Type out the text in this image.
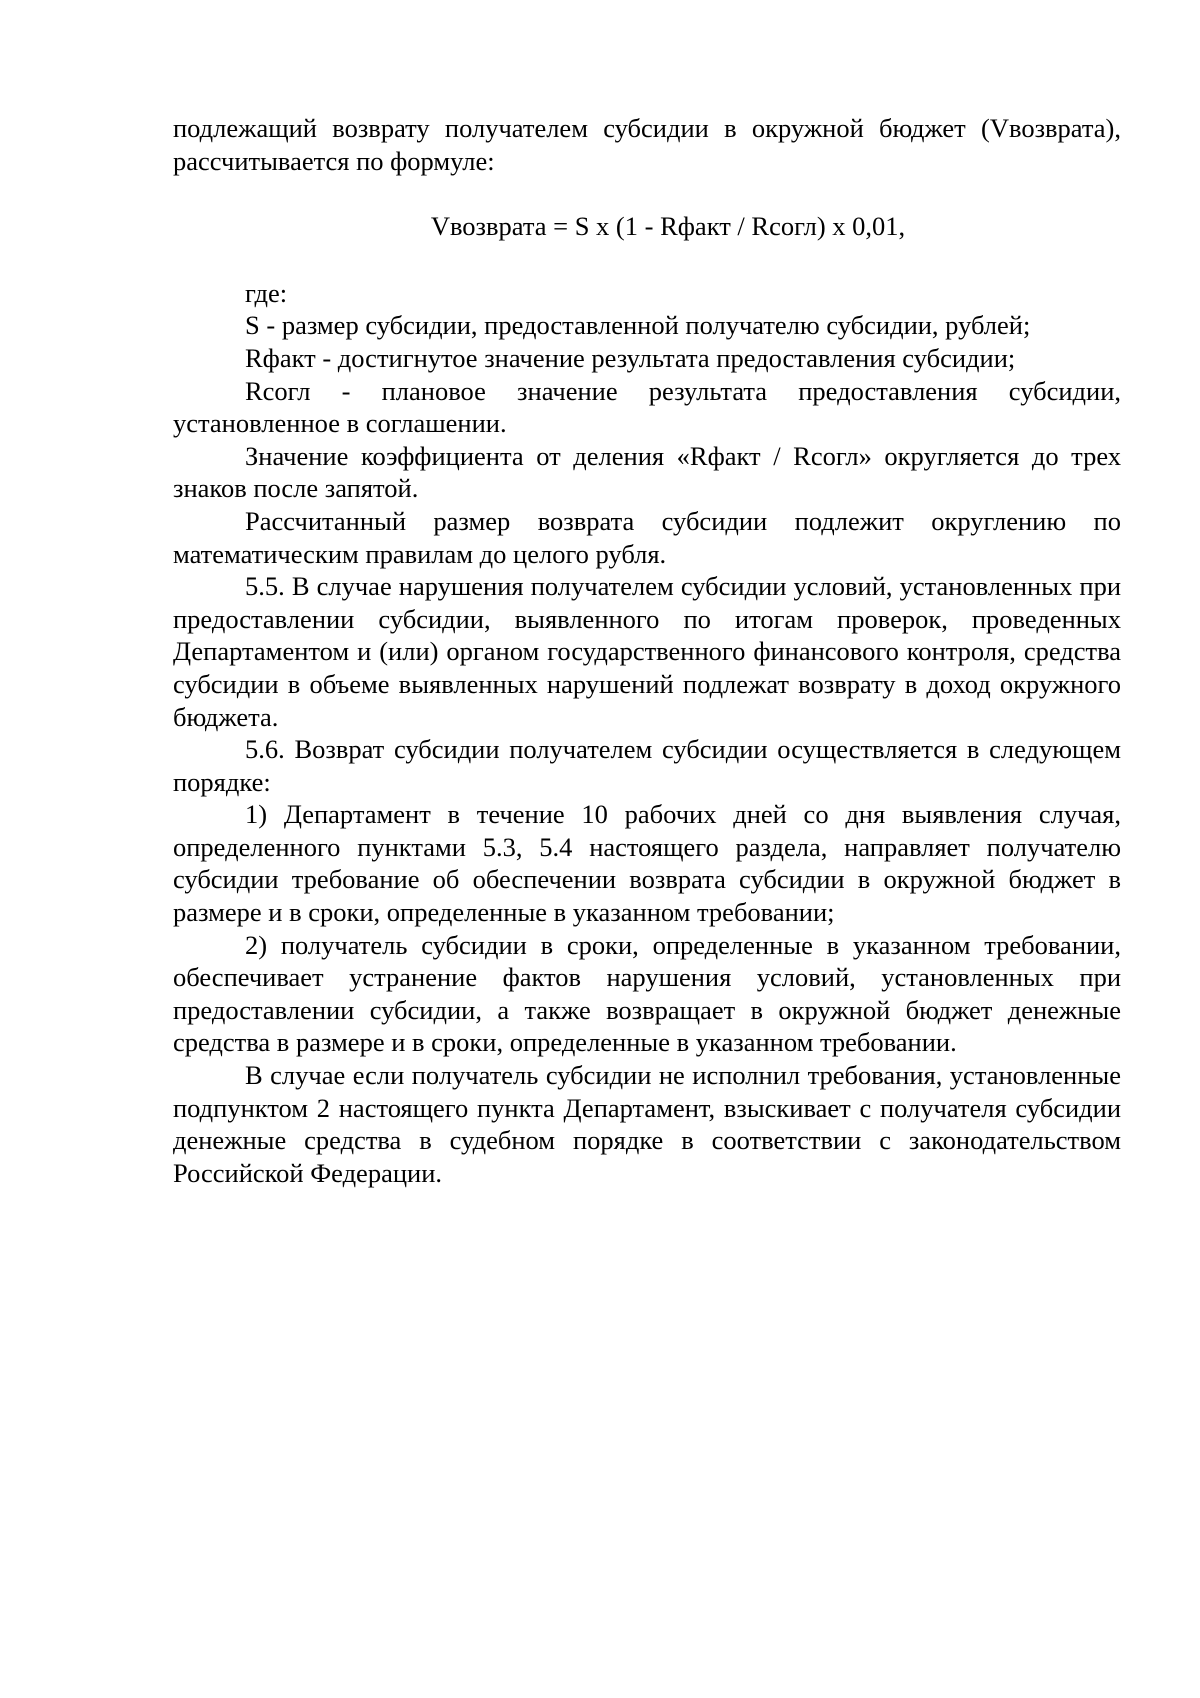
подлежащий возврату получателем субсидии в окружной бюджет (Vвозврата), рассчитывается по формуле:

Vвозврата = S x (1 - Rфакт / Rсогл) x 0,01,

где:

S - размер субсидии, предоставленной получателю субсидии, рублей;

Rфакт - достигнутое значение результата предоставления субсидии;

Rсогл - плановое значение результата предоставления субсидии, установленное в соглашении.

Значение коэффициента от деления «Rфакт / Rсогл» округляется до трех знаков после запятой.

Рассчитанный размер возврата субсидии подлежит округлению по математическим правилам до целого рубля.

5.5. В случае нарушения получателем субсидии условий, установленных при предоставлении субсидии, выявленного по итогам проверок, проведенных Департаментом и (или) органом государственного финансового контроля, средства субсидии в объеме выявленных нарушений подлежат возврату в доход окружного бюджета.

5.6. Возврат субсидии получателем субсидии осуществляется в следующем порядке:

1) Департамент в течение 10 рабочих дней со дня выявления случая, определенного пунктами 5.3, 5.4 настоящего раздела, направляет получателю субсидии требование об обеспечении возврата субсидии в окружной бюджет в размере и в сроки, определенные в указанном требовании;

2) получатель субсидии в сроки, определенные в указанном требовании, обеспечивает устранение фактов нарушения условий, установленных при предоставлении субсидии, а также возвращает в окружной бюджет денежные средства в размере и в сроки, определенные в указанном требовании.

В случае если получатель субсидии не исполнил требования, установленные подпунктом 2 настоящего пункта Департамент, взыскивает с получателя субсидии денежные средства в судебном порядке в соответствии с законодательством Российской Федерации.
